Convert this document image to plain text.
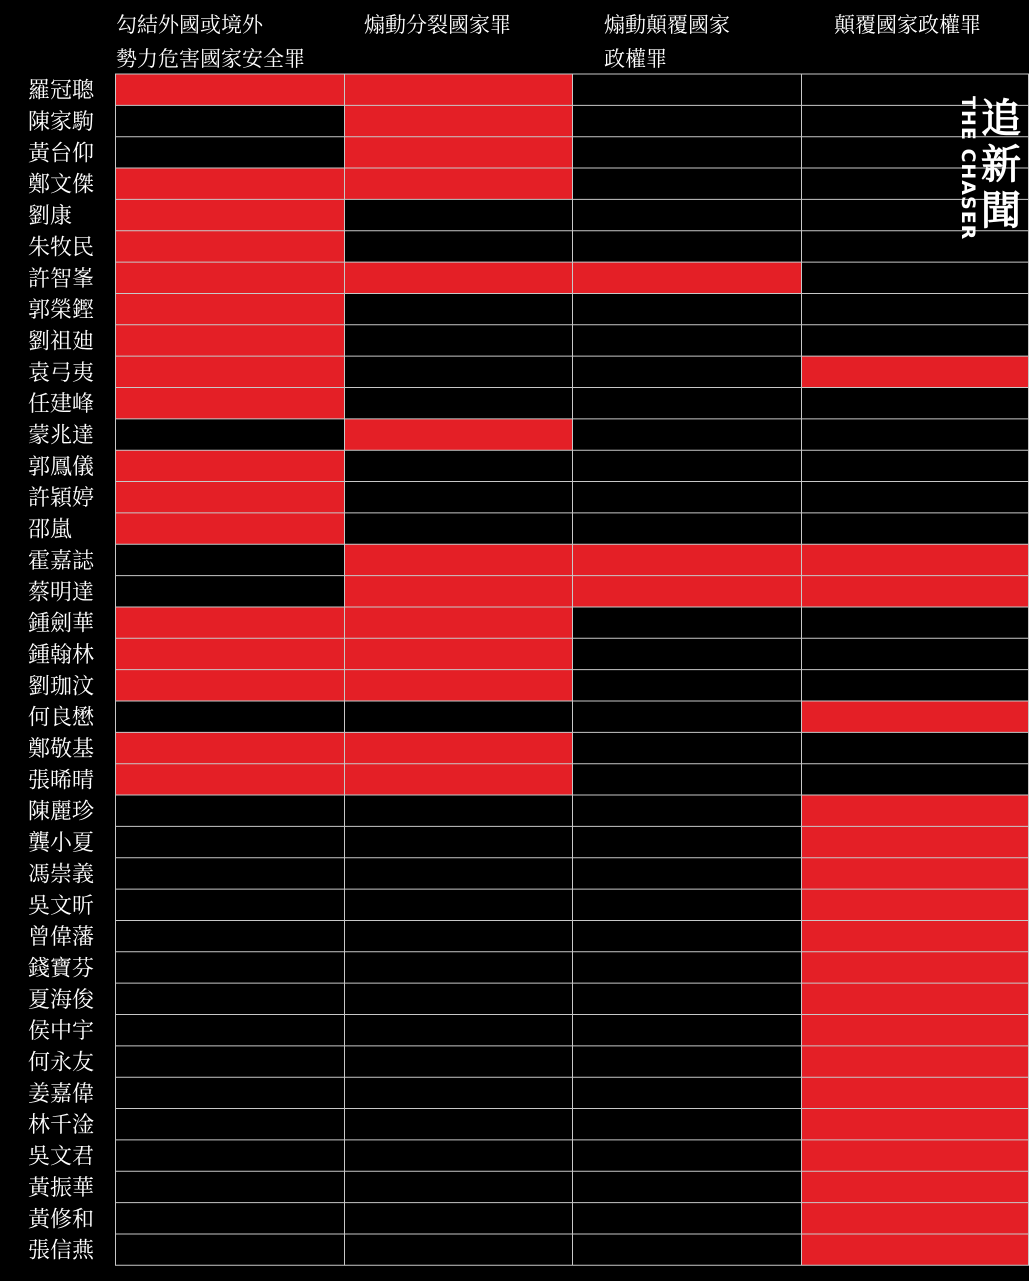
羅冠聰
陳家駒
黃台仰
鄭文傑
劉康
朱牧民
許智峯
郭榮鏗
劉祖廸
袁弓夷
任建峰
蒙兆達
郭鳳儀
許穎婷
邵嵐
霍嘉誌
蔡明達
鍾劍華
鍾翰林
劉珈汶
何良懋
鄭敬基
張晞晴
陳麗珍
龔小夏
馮崇義
吳文昕
曾偉藩
錢寶芬
夏海俊
侯中宇
何永友
姜嘉偉
林千淦
吳文君
黃振華
黃修和
張信燕
勾結外國或境外
勢力危害國家安全罪
煽動分裂國家罪	煽動顛覆國家
政權罪
顛覆國家政權罪
THE CHASER 追
新
聞
